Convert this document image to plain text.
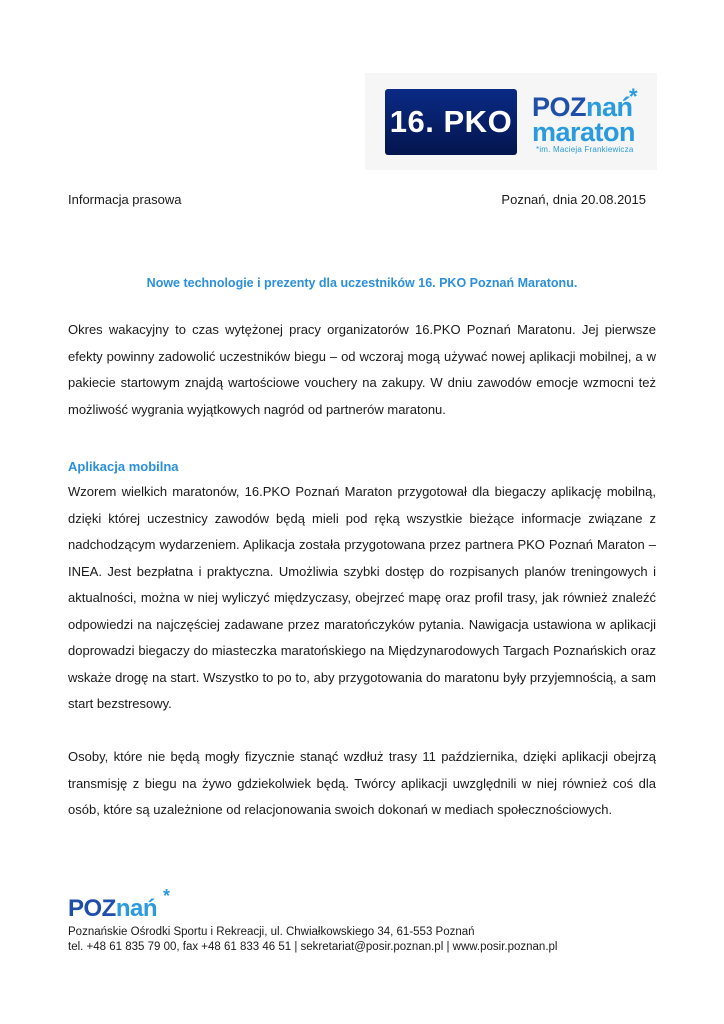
16. PKO POZnań
maraton
*
*im. Macieja Frankiewicza
Informacja prasowa	Poznań, dnia 20.08.2015
Nowe technologie i prezenty dla uczestników 16. PKO Poznań Maratonu.

Okres wakacyjny to czas wytężonej pracy organizatorów 16.PKO Poznań Maratonu. Jej pierwsze efekty powinny zadowolić uczestników biegu – od wczoraj mogą używać nowej aplikacji mobilnej, a w pakiecie startowym znajdą wartościowe vouchery na zakupy. W dniu zawodów emocje wzmocni też możliwość wygrania wyjątkowych nagród od partnerów maratonu.

Aplikacja mobilna

Wzorem wielkich maratonów, 16.PKO Poznań Maraton przygotował dla biegaczy aplikację mobilną, dzięki której uczestnicy zawodów będą mieli pod ręką wszystkie bieżące informacje związane z nadchodzącym wydarzeniem. Aplikacja została przygotowana przez partnera PKO Poznań Maraton – INEA. Jest bezpłatna i praktyczna. Umożliwia szybki dostęp do rozpisanych planów treningowych i aktualności, można w niej wyliczyć międzyczasy, obejrzeć mapę oraz profil trasy, jak również znaleźć odpowiedzi na najczęściej zadawane przez maratończyków pytania. Nawigacja ustawiona w aplikacji doprowadzi biegaczy do miasteczka maratońskiego na Międzynarodowych Targach Poznańskich oraz wskaże drogę na start. Wszystko to po to, aby przygotowania do maratonu były przyjemnością, a sam start bezstresowy.

Osoby, które nie będą mogły fizycznie stanąć wzdłuż trasy 11 października, dzięki aplikacji obejrzą transmisję z biegu na żywo gdziekolwiek będą. Twórcy aplikacji uwzględnili w niej również coś dla osób, które są uzależnione od relacjonowania swoich dokonań w mediach społecznościowych.

POZnań *
Poznańskie Ośrodki Sportu i Rekreacji, ul. Chwiałkowskiego 34, 61-553 Poznań
tel. +48 61 835 79 00, fax +48 61 833 46 51 | sekretariat@posir.poznan.pl | www.posir.poznan.pl
